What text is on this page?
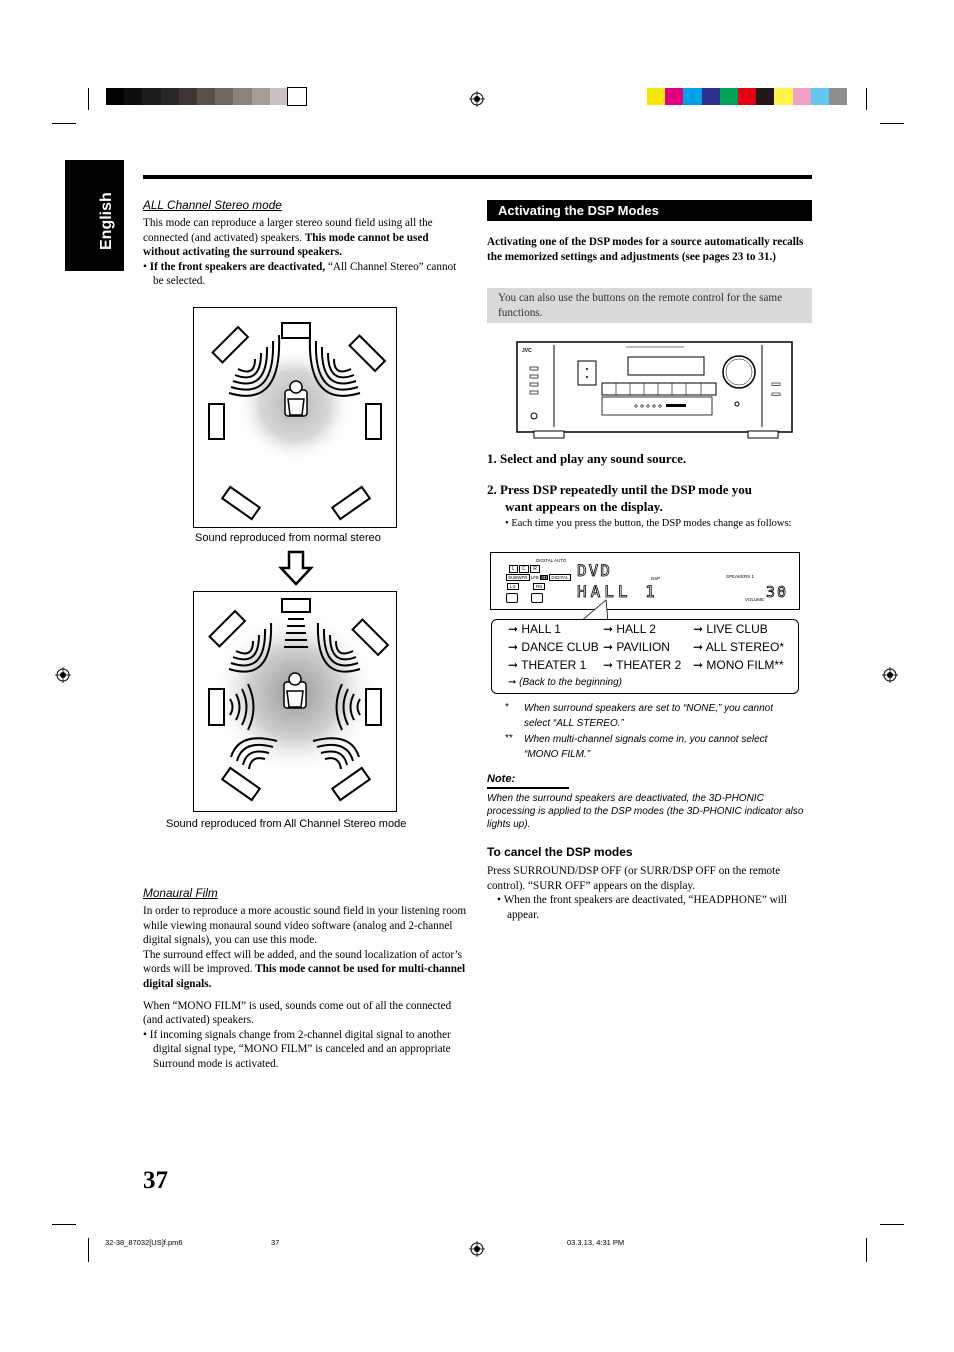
English ALL Channel Stereo mode
This mode can reproduce a larger stereo sound field using all the connected (and activated) speakers. This mode cannot be used without activating the surround speakers.
• If the front speakers are deactivated, “All Channel Stereo” cannot be selected.
Sound reproduced from normal stereo
Sound reproduced from All Channel Stereo mode
Monaural Film
In order to reproduce a more acoustic sound field in your listening room while viewing monaural sound video software (analog and 2-channel digital signals), you can use this mode.
The surround effect will be added, and the sound localization of actor’s words will be improved. This mode cannot be used for multi-channel digital signals.
When “MONO FILM” is used, sounds come out of all the connected (and activated) speakers.
• If incoming signals change from 2-channel digital signal to another digital signal type, “MONO FILM” is canceled and an appropriate Surround mode is activated.
Activating the DSP Modes
Activating one of the DSP modes for a source automatically recalls the memorized settings and adjustments (see pages 23 to 31.)
You can also use the buttons on the remote control for the same functions.
JVC
1. Select and play any sound source.
2. Press DSP repeatedly until the DSP mode you
want appears on the display.
• Each time you press the button, the DSP modes change as follows:
DIGITAL AUTO
L C R
SUBWFR LFE 3D DIGITAL
LS	RS
DVD
HALL 1
DSP	SPEAKERS 1
VOLUME 30
➞ HALL 1	➞ HALL 2	➞ LIVE CLUB
➞ DANCE CLUB ➞ PAVILION	➞ ALL STEREO*
➞ THEATER 1	➞ THEATER 2 ➞ MONO FILM**
➞ (Back to the beginning)
* When surround speakers are set to “NONE,” you cannot select “ALL STEREO.”
** When multi-channel signals come in, you cannot select “MONO FILM.”
Note:
When the surround speakers are deactivated, the 3D-PHONIC processing is applied to the DSP modes (the 3D-PHONIC indicator also lights up).
To cancel the DSP modes
Press SURROUND/DSP OFF (or SURR/DSP OFF on the remote control). “SURR OFF” appears on the display.
• When the front speakers are deactivated, “HEADPHONE” will appear.
37
32-38_87032[US]f.pm6	37	03.3.13, 4:31 PM
